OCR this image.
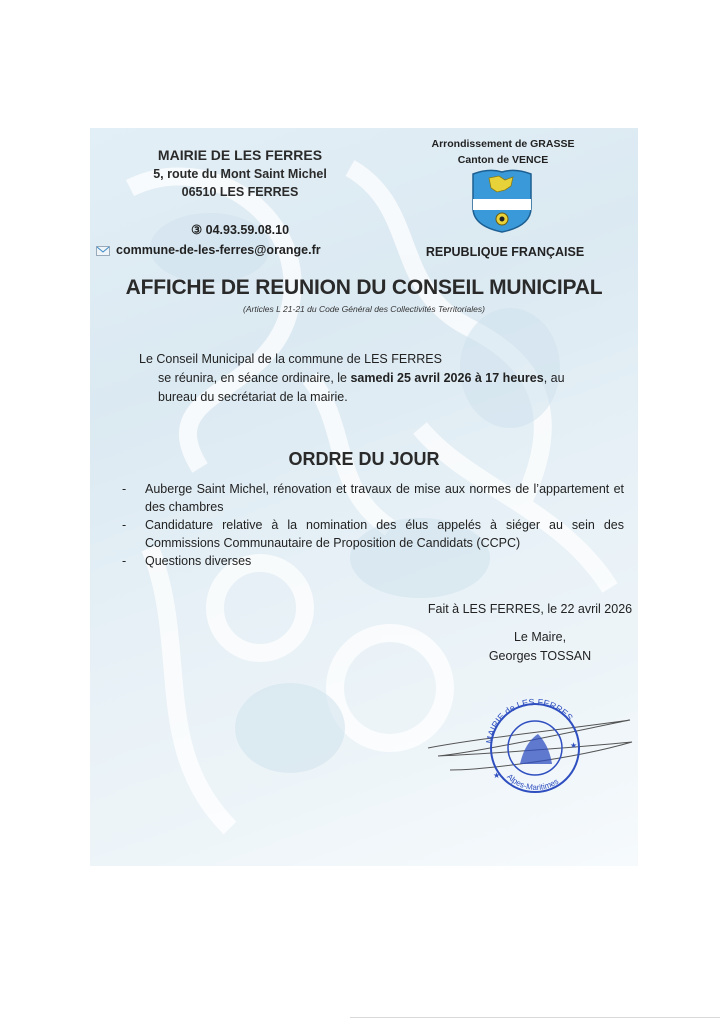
MAIRIE DE LES FERRES
5, route du Mont Saint Michel
06510 LES FERRES
③︎ 04.93.59.08.10
commune-de-les-ferres@orange.fr
Arrondissement de GRASSE
Canton de VENCE
REPUBLIQUE FRANÇAISE
AFFICHE DE REUNION DU CONSEIL MUNICIPAL
(Articles L 21-21 du Code Général des Collectivités Territoriales)
Le Conseil Municipal de la commune de LES FERRES
se réunira, en séance ordinaire, le samedi 25 avril 2026 à 17 heures, au
bureau du secrétariat de la mairie.
ORDRE DU JOUR
- Auberge Saint Michel, rénovation et travaux de mise aux normes de l’appartement et des chambres
- Candidature relative à la nomination des élus appelés à siéger au sein des Commissions Communautaire de Proposition de Candidats (CCPC)
- Questions diverses
Fait à LES FERRES, le 22 avril 2026
Le Maire,
Georges TOSSAN
MAIRIE de LES FERRES
Alpes-Maritimes
★
★
